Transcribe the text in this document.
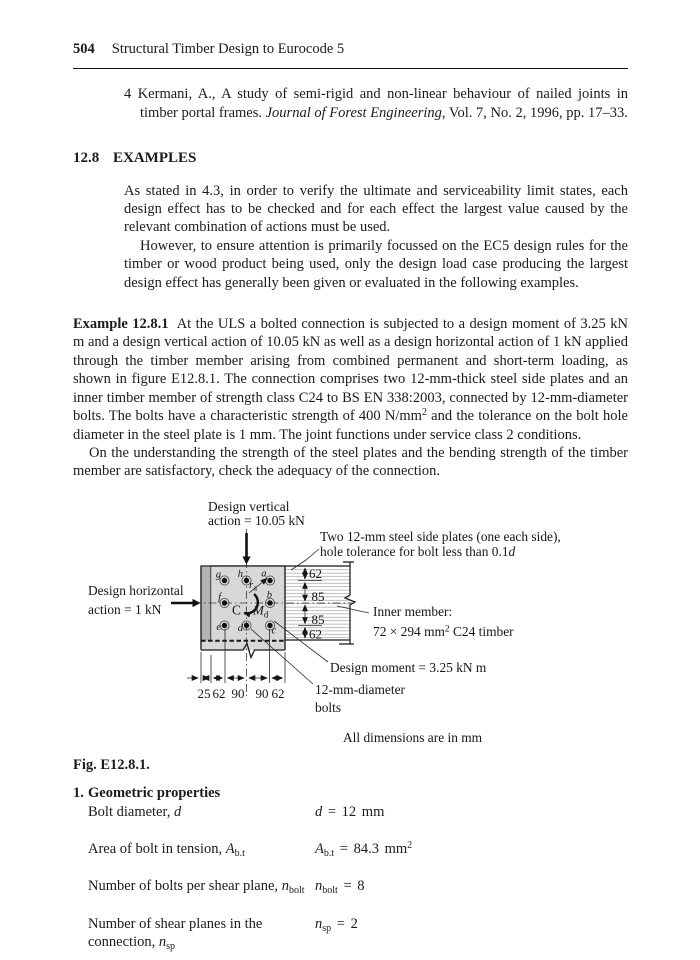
504 Structural Timber Design to Eurocode 5

4 Kermani, A., A study of semi-rigid and non-linear behaviour of nailed joints in timber portal frames. Journal of Forest Engineering, Vol. 7, No. 2, 1996, pp. 17–33.

12.8 EXAMPLES

As stated in 4.3, in order to verify the ultimate and serviceability limit states, each design effect has to be checked and for each effect the largest value caused by the relevant combination of actions must be used.

However, to ensure attention is primarily focussed on the EC5 design rules for the timber or wood product being used, only the design load case producing the largest design effect has generally been given or evaluated in the following examples.

Example 12.8.1 At the ULS a bolted connection is subjected to a design moment of 3.25 kN m and a design vertical action of 10.05 kN as well as a design horizontal action of 1 kN applied through the timber member arising from combined permanent and short-term loading, as shown in figure E12.8.1. The connection comprises two 12-mm-thick steel side plates and an inner timber member of strength class C24 to BS EN 338:2003, connected by 12-mm-diameter bolts. The bolts have a characteristic strength of 400 $N/mm^2$ and the tolerance on the bolt hole diameter in the steel plate is 1 mm. The joint functions under service class 2 conditions.

On the understanding the strength of the steel plates and the bending strength of the timber member are satisfactory, check the adequacy of the connection.

g h a
f	b
e d	c
ra
C $M_d$
62
85
85
62
25 62 90 90 62
Design vertical
action = 10.05 kN
Two 12-mm steel side plates (one each side),
hole tolerance for bolt less than 0.1d
Design horizontal
action = 1 kN	Inner member:
72 × 294 $mm^2$ C24 timber
Design moment = 3.25 kN m
12-mm-diameter
bolts
All dimensions are in mm
Fig. E12.8.1.
1. Geometric properties
Bolt diameter, d	d = 12 mm
Area of bolt in tension, $A_{b.t}$	$A_{b.t} = 84.3$ $mm^2$
Number of bolts per shear plane, $n_{bolt}$ $n_{bolt} = 8$
Number of shear planes in the connection, $n_{sp}$
$n_{sp} = 2$
